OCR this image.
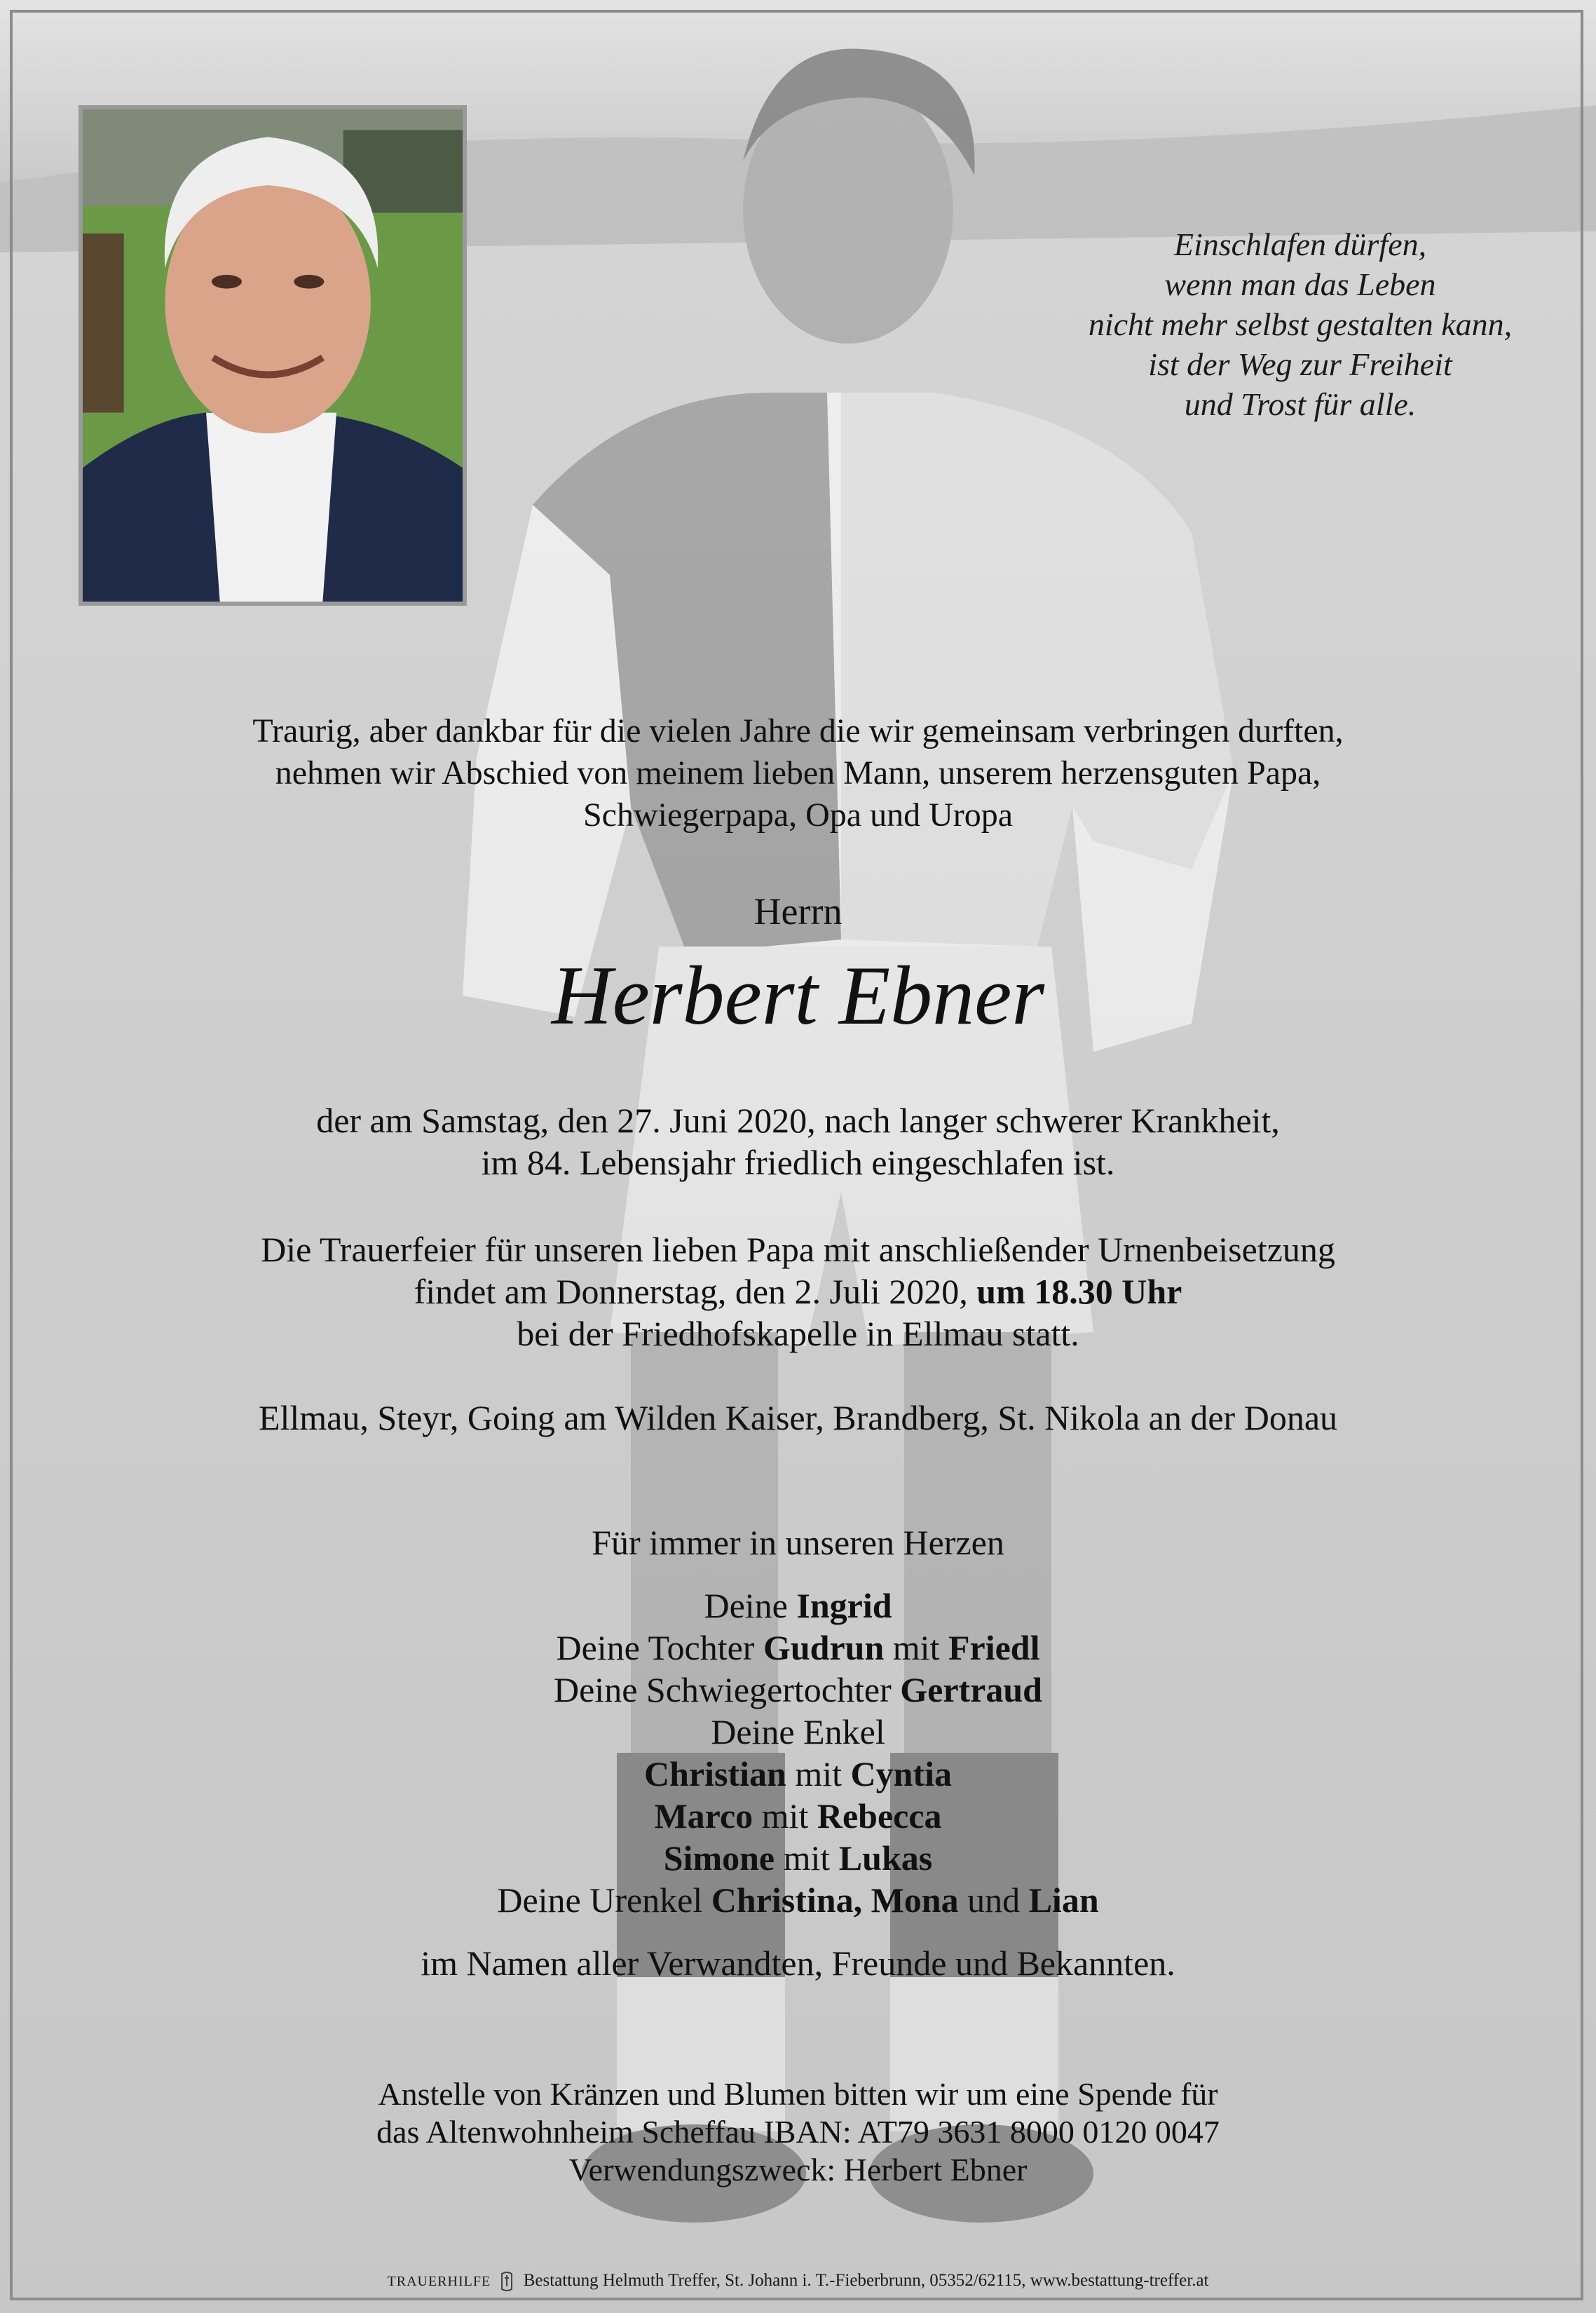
Einschlafen dürfen,
wenn man das Leben
nicht mehr selbst gestalten kann,
ist der Weg zur Freiheit
und Trost für alle.
Traurig, aber dankbar für die vielen Jahre die wir gemeinsam verbringen durften,
nehmen wir Abschied von meinem lieben Mann, unserem herzensguten Papa,
Schwiegerpapa, Opa und Uropa
Herrn
Herbert Ebner
der am Samstag, den 27. Juni 2020, nach langer schwerer Krankheit,
im 84. Lebensjahr friedlich eingeschlafen ist.
Die Trauerfeier für unseren lieben Papa mit anschließender Urnenbeisetzung
findet am Donnerstag, den 2. Juli 2020, um 18.30 Uhr
bei der Friedhofskapelle in Ellmau statt.
Ellmau, Steyr, Going am Wilden Kaiser, Brandberg, St. Nikola an der Donau
Für immer in unseren Herzen
Deine Ingrid
Deine Tochter Gudrun mit Friedl
Deine Schwiegertochter Gertraud
Deine Enkel
Christian mit Cyntia
Marco mit Rebecca
Simone mit Lukas
Deine Urenkel Christina, Mona und Lian
im Namen aller Verwandten, Freunde und Bekannten.
Anstelle von Kränzen und Blumen bitten wir um eine Spende für
das Altenwohnheim Scheffau IBAN: AT79 3631 8000 0120 0047
Verwendungszweck: Herbert Ebner
TRAUERHILFE Bestattung Helmuth Treffer, St. Johann i. T.-Fieberbrunn, 05352/62115, www.bestattung-treffer.at
